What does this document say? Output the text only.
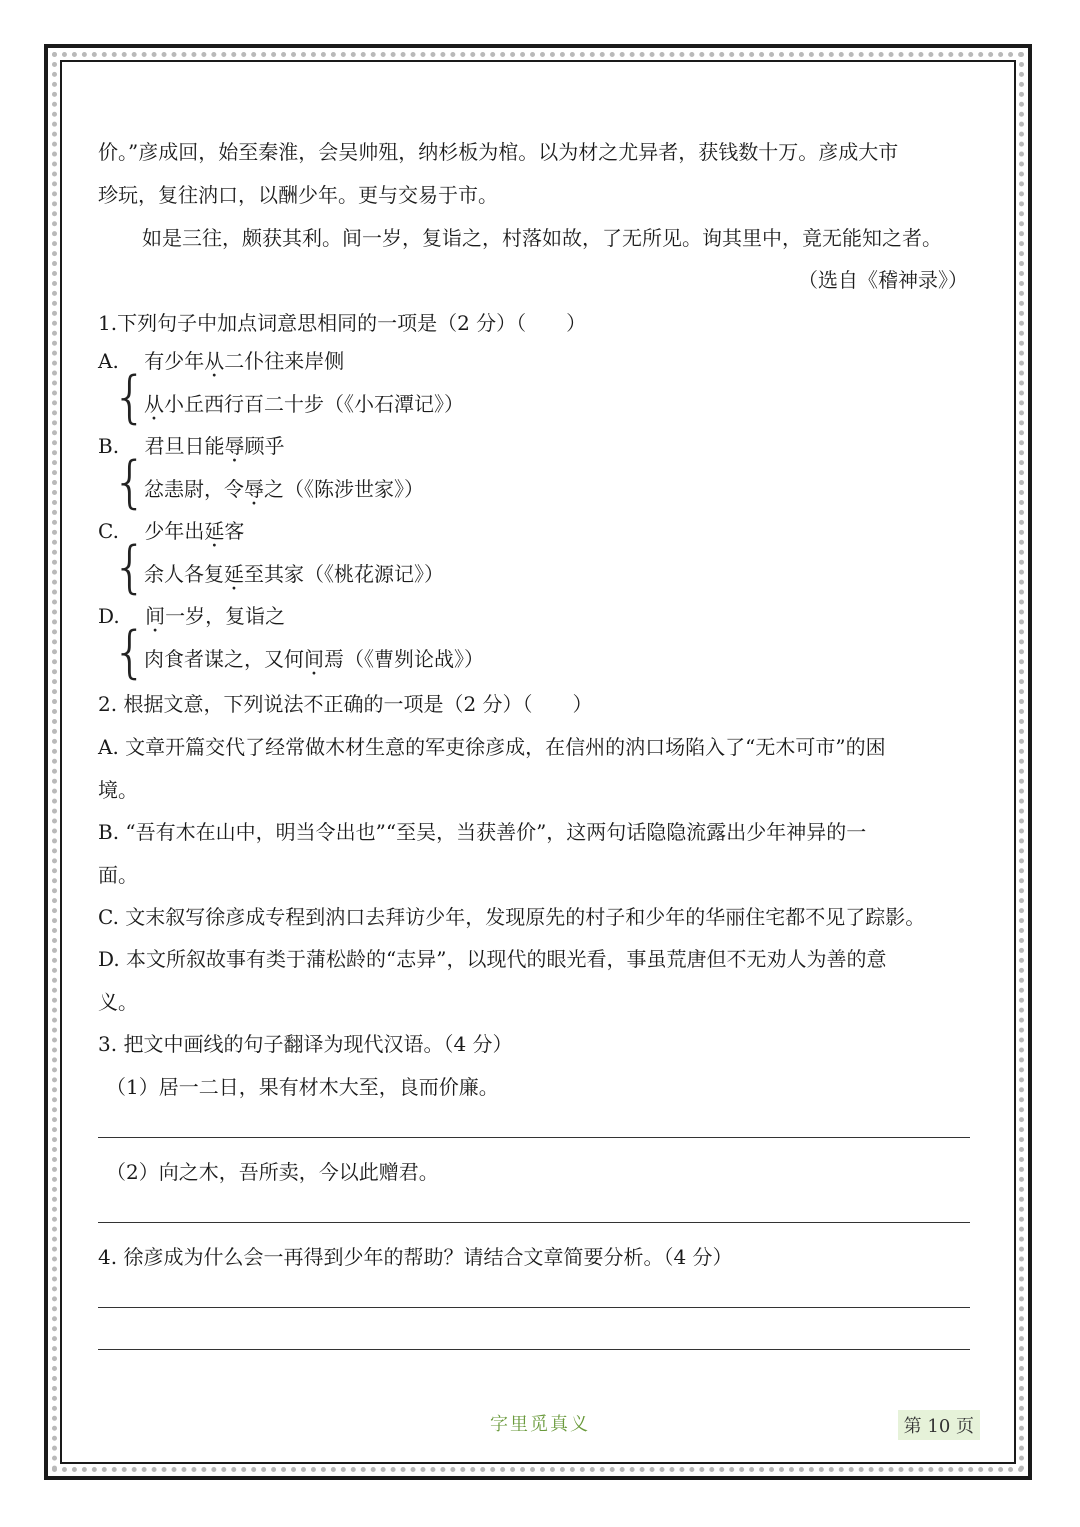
价。”彦成回，始至秦淮，会吴帅殂，纳杉板为棺。以为材之尤异者，获钱数十万。彦成大市
珍玩，复往汭口，以酬少年。更与交易于市。
如是三往，颇获其利。间一岁，复诣之，村落如故，了无所见。询其里中，竟无能知之者。
（选自《稽神录》）
1.下列句子中加点词意思相同的一项是（2 分）（　　）
A. 有少年从二仆往来岸侧
{
从小丘西行百二十步（《小石潭记》）
B. 君旦日能辱顾乎
{
忿恚尉，令辱之（《陈涉世家》）
C. 少年出延客
{
余人各复延至其家（《桃花源记》）
D. 间一岁，复诣之
{
肉食者谋之，又何间焉（《曹刿论战》）
2. 根据文意，下列说法不正确的一项是（2 分）（　　）
A. 文章开篇交代了经常做木材生意的军吏徐彦成，在信州的汭口场陷入了“无木可市”的困
境。
B. “吾有木在山中，明当令出也”“至吴，当获善价”，这两句话隐隐流露出少年神异的一
面。
C. 文末叙写徐彦成专程到汭口去拜访少年，发现原先的村子和少年的华丽住宅都不见了踪影。
D. 本文所叙故事有类于蒲松龄的“志异”，以现代的眼光看，事虽荒唐但不无劝人为善的意
义。
3. 把文中画线的句子翻译为现代汉语。（4 分）
（1）居一二日，果有材木大至，良而价廉。
（2）向之木，吾所卖，今以此赠君。
4. 徐彦成为什么会一再得到少年的帮助？请结合文章简要分析。（4 分）
字里觅真义	第 10 页
